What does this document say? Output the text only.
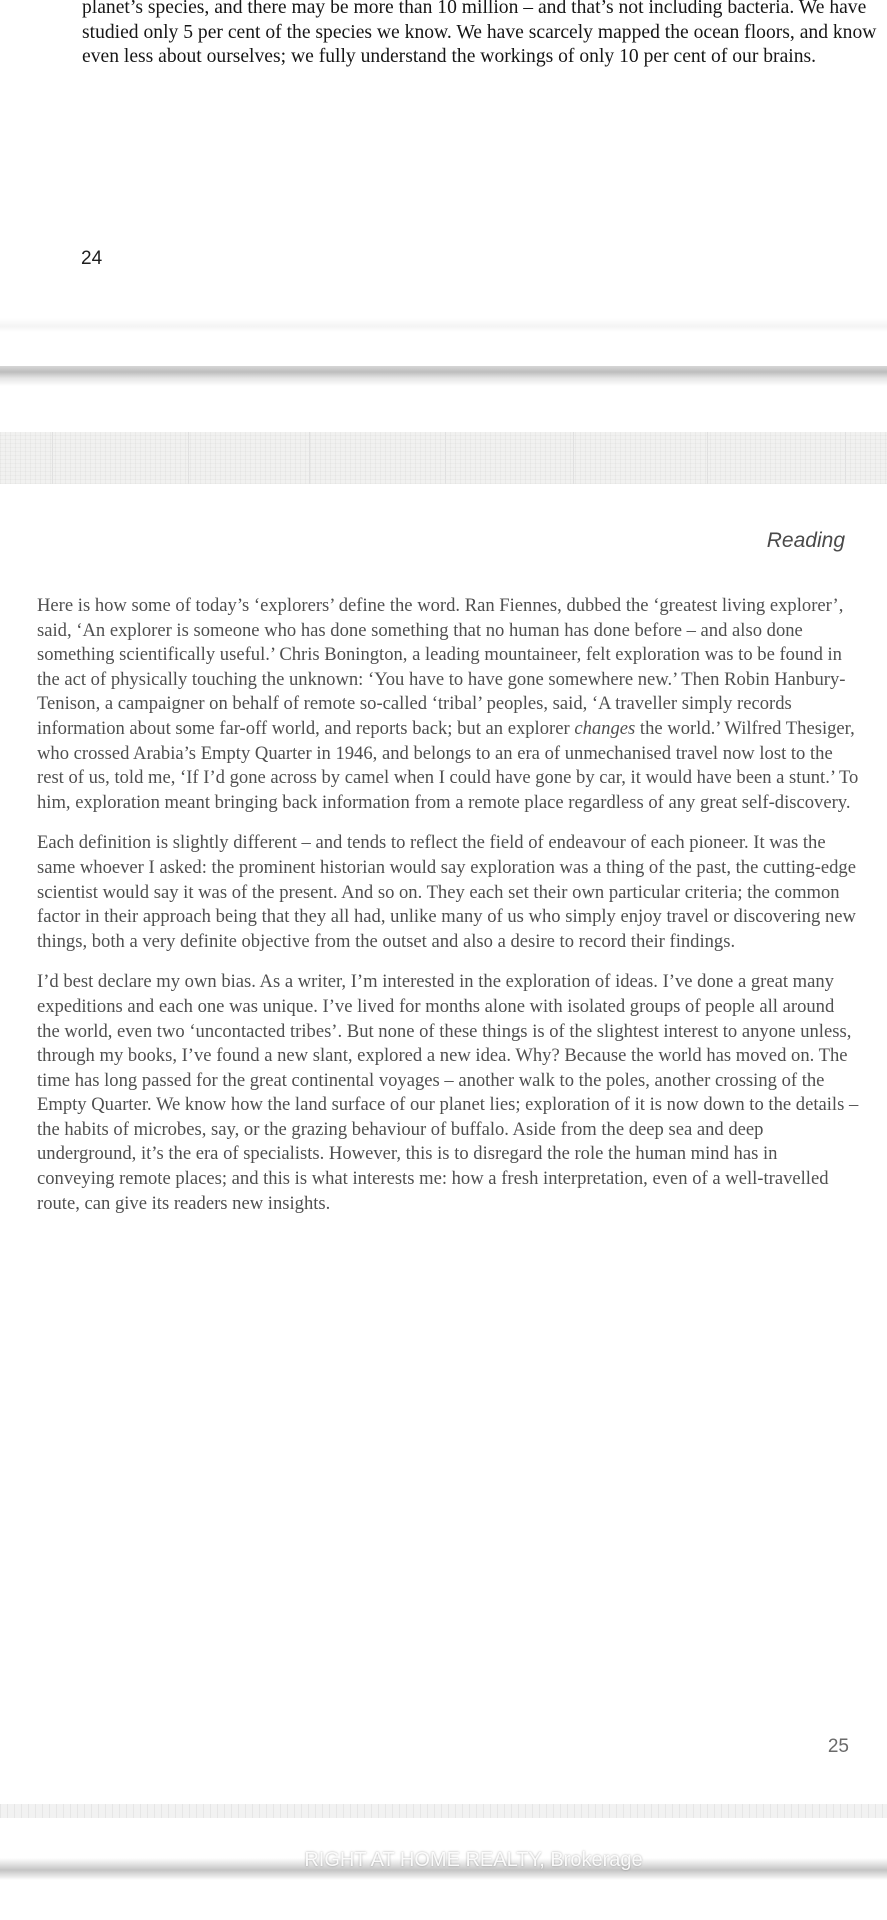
planet’s species, and there may be more than 10 million – and that’s not including bacteria. We have studied only 5 per cent of the species we know. We have scarcely mapped the ocean floors, and know even less about ourselves; we fully understand the workings of only 10 per cent of our brains.

24
Reading

Here is how some of today’s ‘explorers’ define the word. Ran Fiennes, dubbed the ‘greatest living explorer’, said, ‘An explorer is someone who has done something that no human has done before – and also done something scientifically useful.’ Chris Bonington, a leading mountaineer, felt exploration was to be found in the act of physically touching the unknown: ‘You have to have gone somewhere new.’ Then Robin Hanbury-Tenison, a campaigner on behalf of remote so-called ‘tribal’ peoples, said, ‘A traveller simply records information about some far-off world, and reports back; but an explorer changes the world.’ Wilfred Thesiger, who crossed Arabia’s Empty Quarter in 1946, and belongs to an era of unmechanised travel now lost to the rest of us, told me, ‘If I’d gone across by camel when I could have gone by car, it would have been a stunt.’ To him, exploration meant bringing back information from a remote place regardless of any great self-discovery.

Each definition is slightly different – and tends to reflect the field of endeavour of each pioneer. It was the same whoever I asked: the prominent historian would say exploration was a thing of the past, the cutting-edge scientist would say it was of the present. And so on. They each set their own particular criteria; the common factor in their approach being that they all had, unlike many of us who simply enjoy travel or discovering new things, both a very definite objective from the outset and also a desire to record their findings.

I’d best declare my own bias. As a writer, I’m interested in the exploration of ideas. I’ve done a great many expeditions and each one was unique. I’ve lived for months alone with isolated groups of people all around the world, even two ‘uncontacted tribes’. But none of these things is of the slightest interest to anyone unless, through my books, I’ve found a new slant, explored a new idea. Why? Because the world has moved on. The time has long passed for the great continental voyages – another walk to the poles, another crossing of the Empty Quarter. We know how the land surface of our planet lies; exploration of it is now down to the details – the habits of microbes, say, or the grazing behaviour of buffalo. Aside from the deep sea and deep underground, it’s the era of specialists. However, this is to disregard the role the human mind has in conveying remote places; and this is what interests me: how a fresh interpretation, even of a well-travelled route, can give its readers new insights.

25
RIGHT AT HOME REALTY, Brokerage
